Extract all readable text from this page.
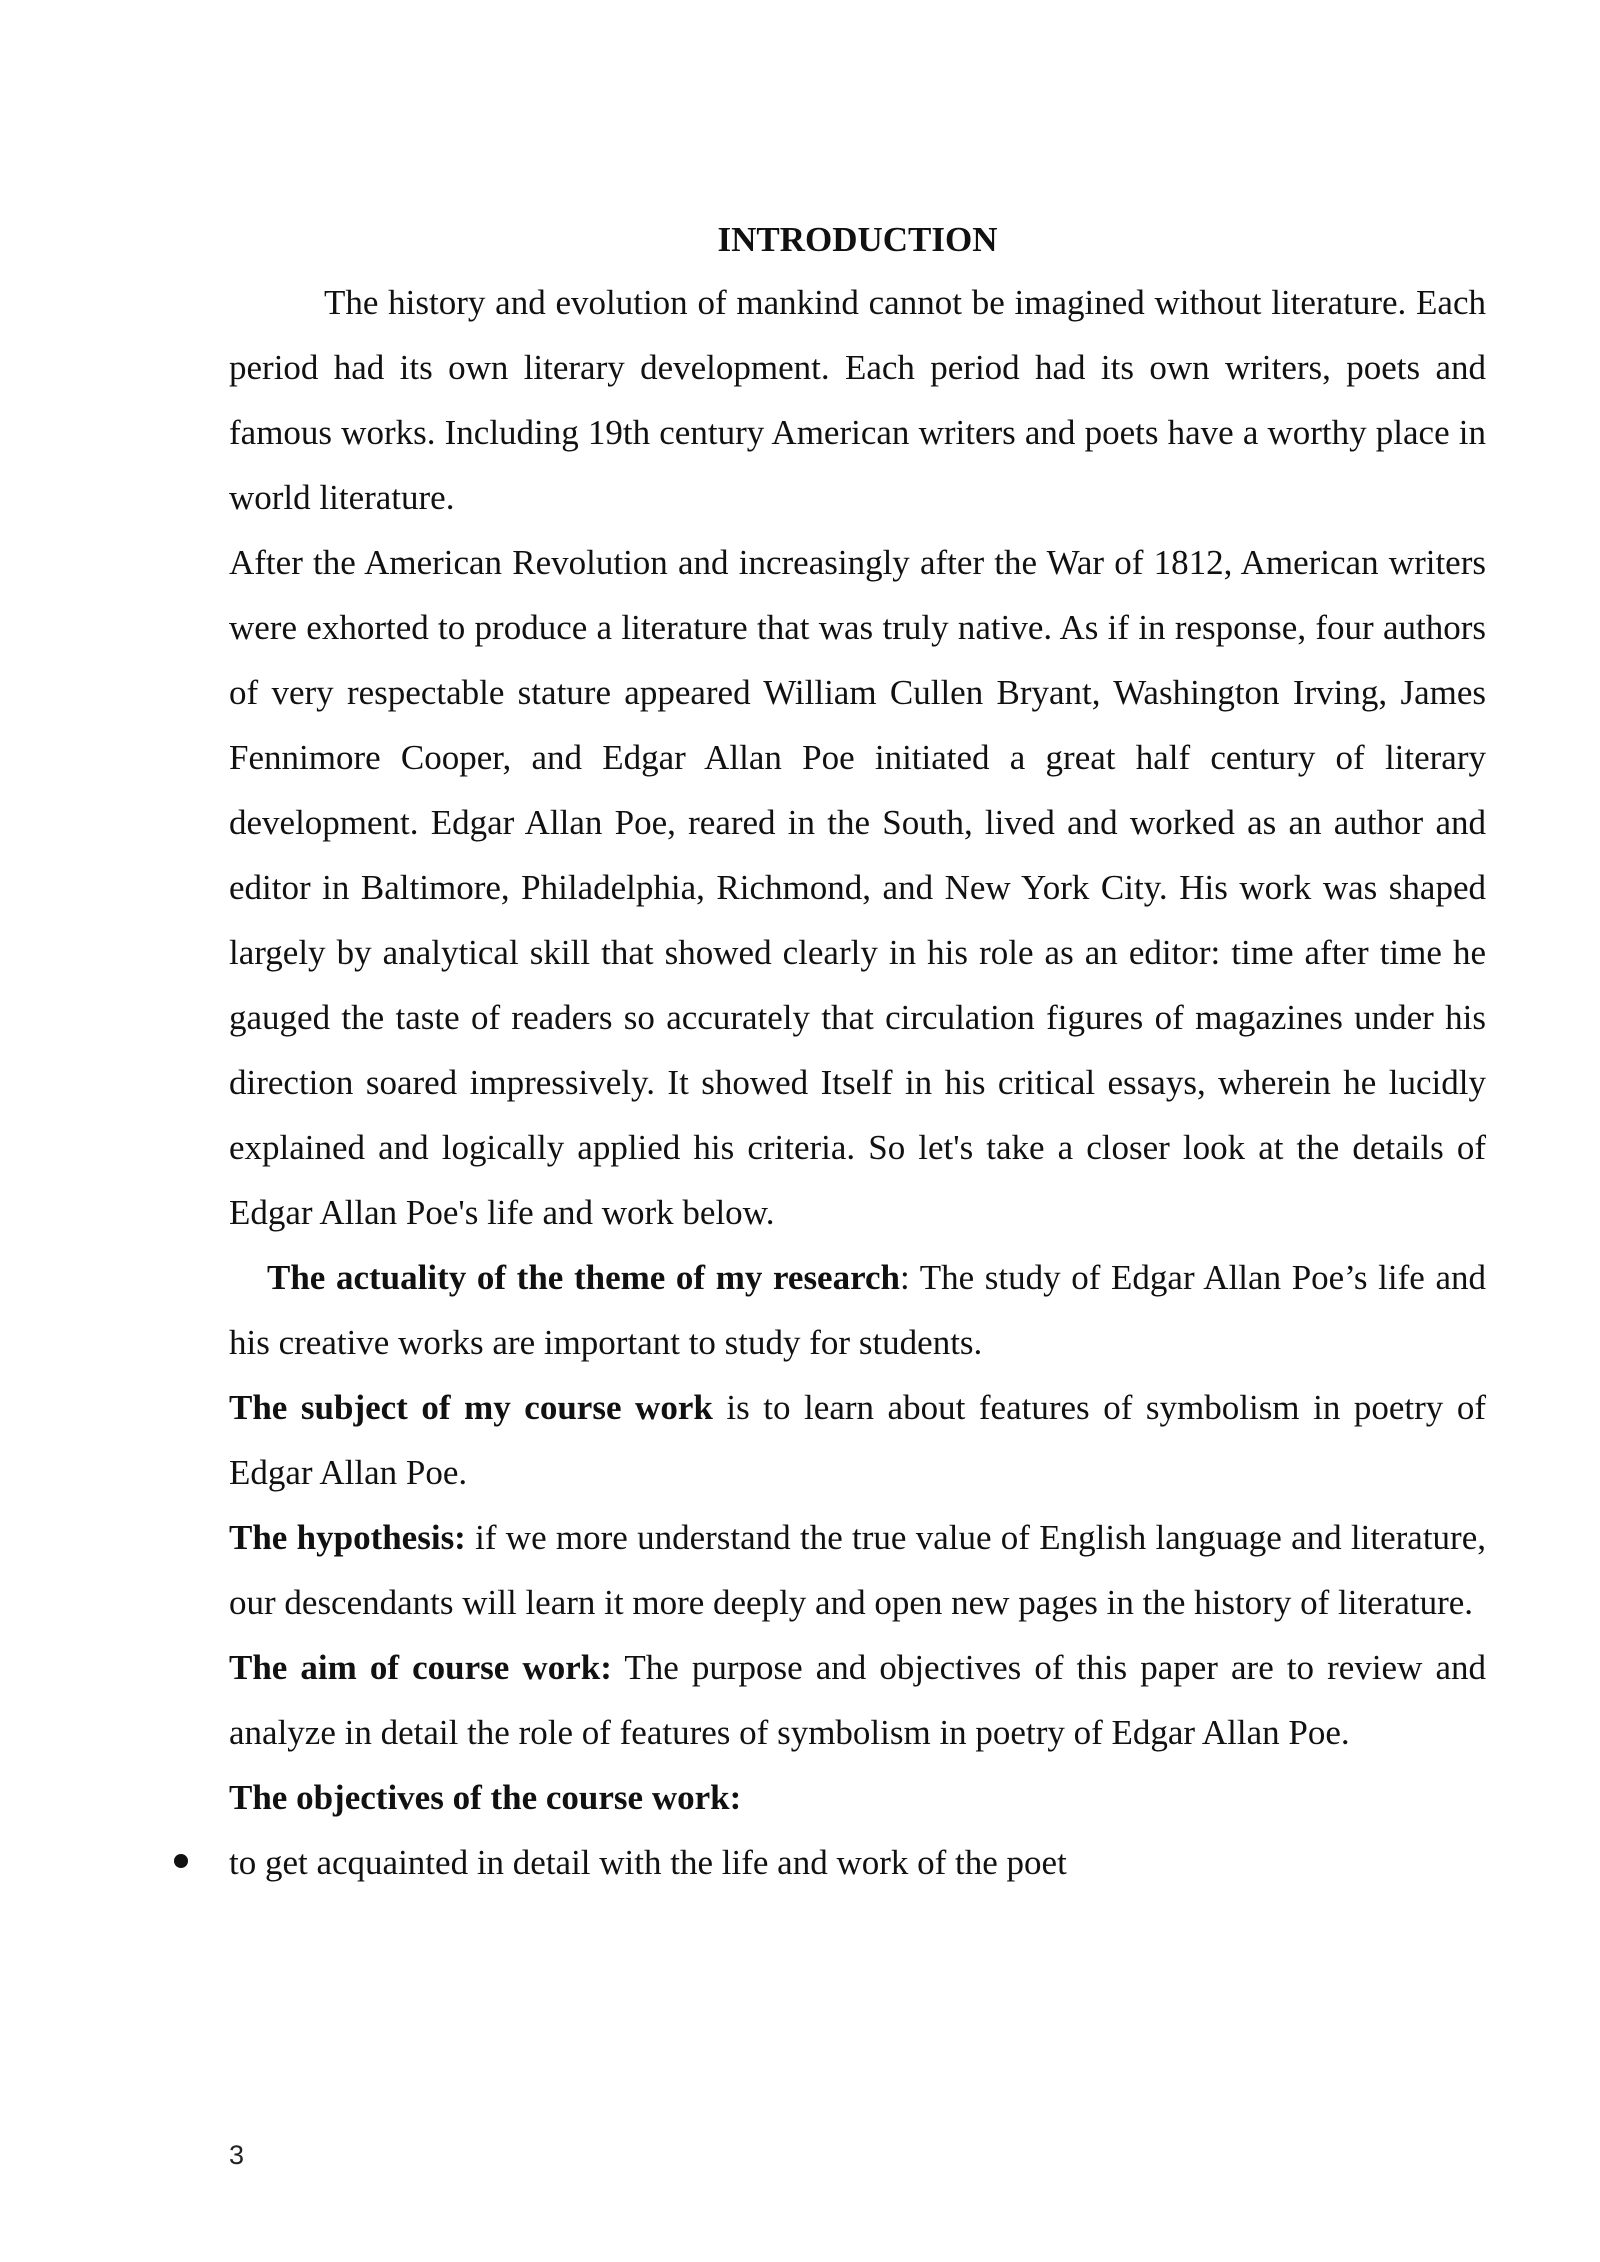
INTRODUCTION

The history and evolution of mankind cannot be imagined without literature. Each period had its own literary development. Each period had its own writers, poets and famous works. Including 19th century American writers and poets have a worthy place in world literature.

After the American Revolution and increasingly after the War of 1812, American writers were exhorted to produce a literature that was truly native. As if in response, four authors of very respectable stature appeared William Cullen Bryant, Washington Irving, James Fennimore Cooper, and Edgar Allan Poe initiated a great half century of literary development. Edgar Allan Poe, reared in the South, lived and worked as an author and editor in Baltimore, Philadelphia, Richmond, and New York City. His work was shaped largely by analytical skill that showed clearly in his role as an editor: time after time he gauged the taste of readers so accurately that circulation figures of magazines under his direction soared impressively. It showed Itself in his critical essays, wherein he lucidly explained and logically applied his criteria. So let's take a closer look at the details of Edgar Allan Poe's life and work below.

The actuality of the theme of my research: The study of Edgar Allan Poe’s life and his creative works are important to study for students.

The subject of my course work is to learn about features of symbolism in poetry of Edgar Allan Poe.

The hypothesis: if we more understand the true value of English language and literature, our descendants will learn it more deeply and open new pages in the history of literature.

The aim of course work: The purpose and objectives of this paper are to review and analyze in detail the role of features of symbolism in poetry of Edgar Allan Poe.

The objectives of the course work:

to get acquainted in detail with the life and work of the poet
3
